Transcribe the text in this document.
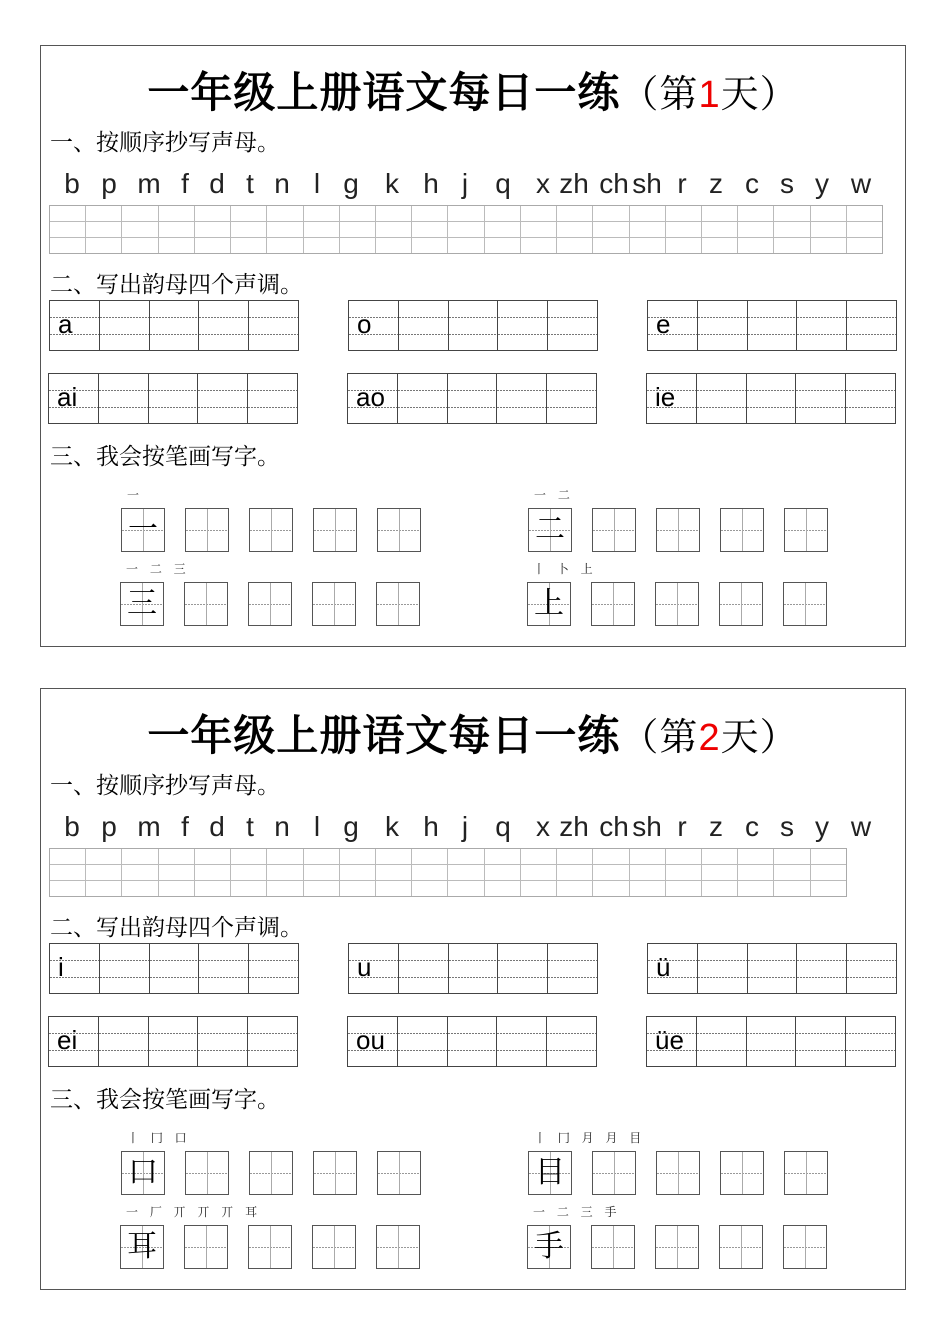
一年级上册语文每日一练（第1天）
一、按顺序抄写声母。
b p m f d t n l g k h j q x zh ch sh r z c s y w
二、写出韵母四个声调。
a	o	e
ai	ao	ie
三、我会按笔画写字。
一
一
一 二
二
一 二 三
三
丨 卜 上
上
一年级上册语文每日一练（第2天）
一、按顺序抄写声母。
b p m f d t n l g k h j q x zh ch sh r z c s y w
二、写出韵母四个声调。
i	u	ü
ei	ou	üe
三、我会按笔画写字。
丨 冂 口
口
丨 冂 月 月 目
目
一 厂 丌 丌 丌 耳
耳
一 二 三 手
手
